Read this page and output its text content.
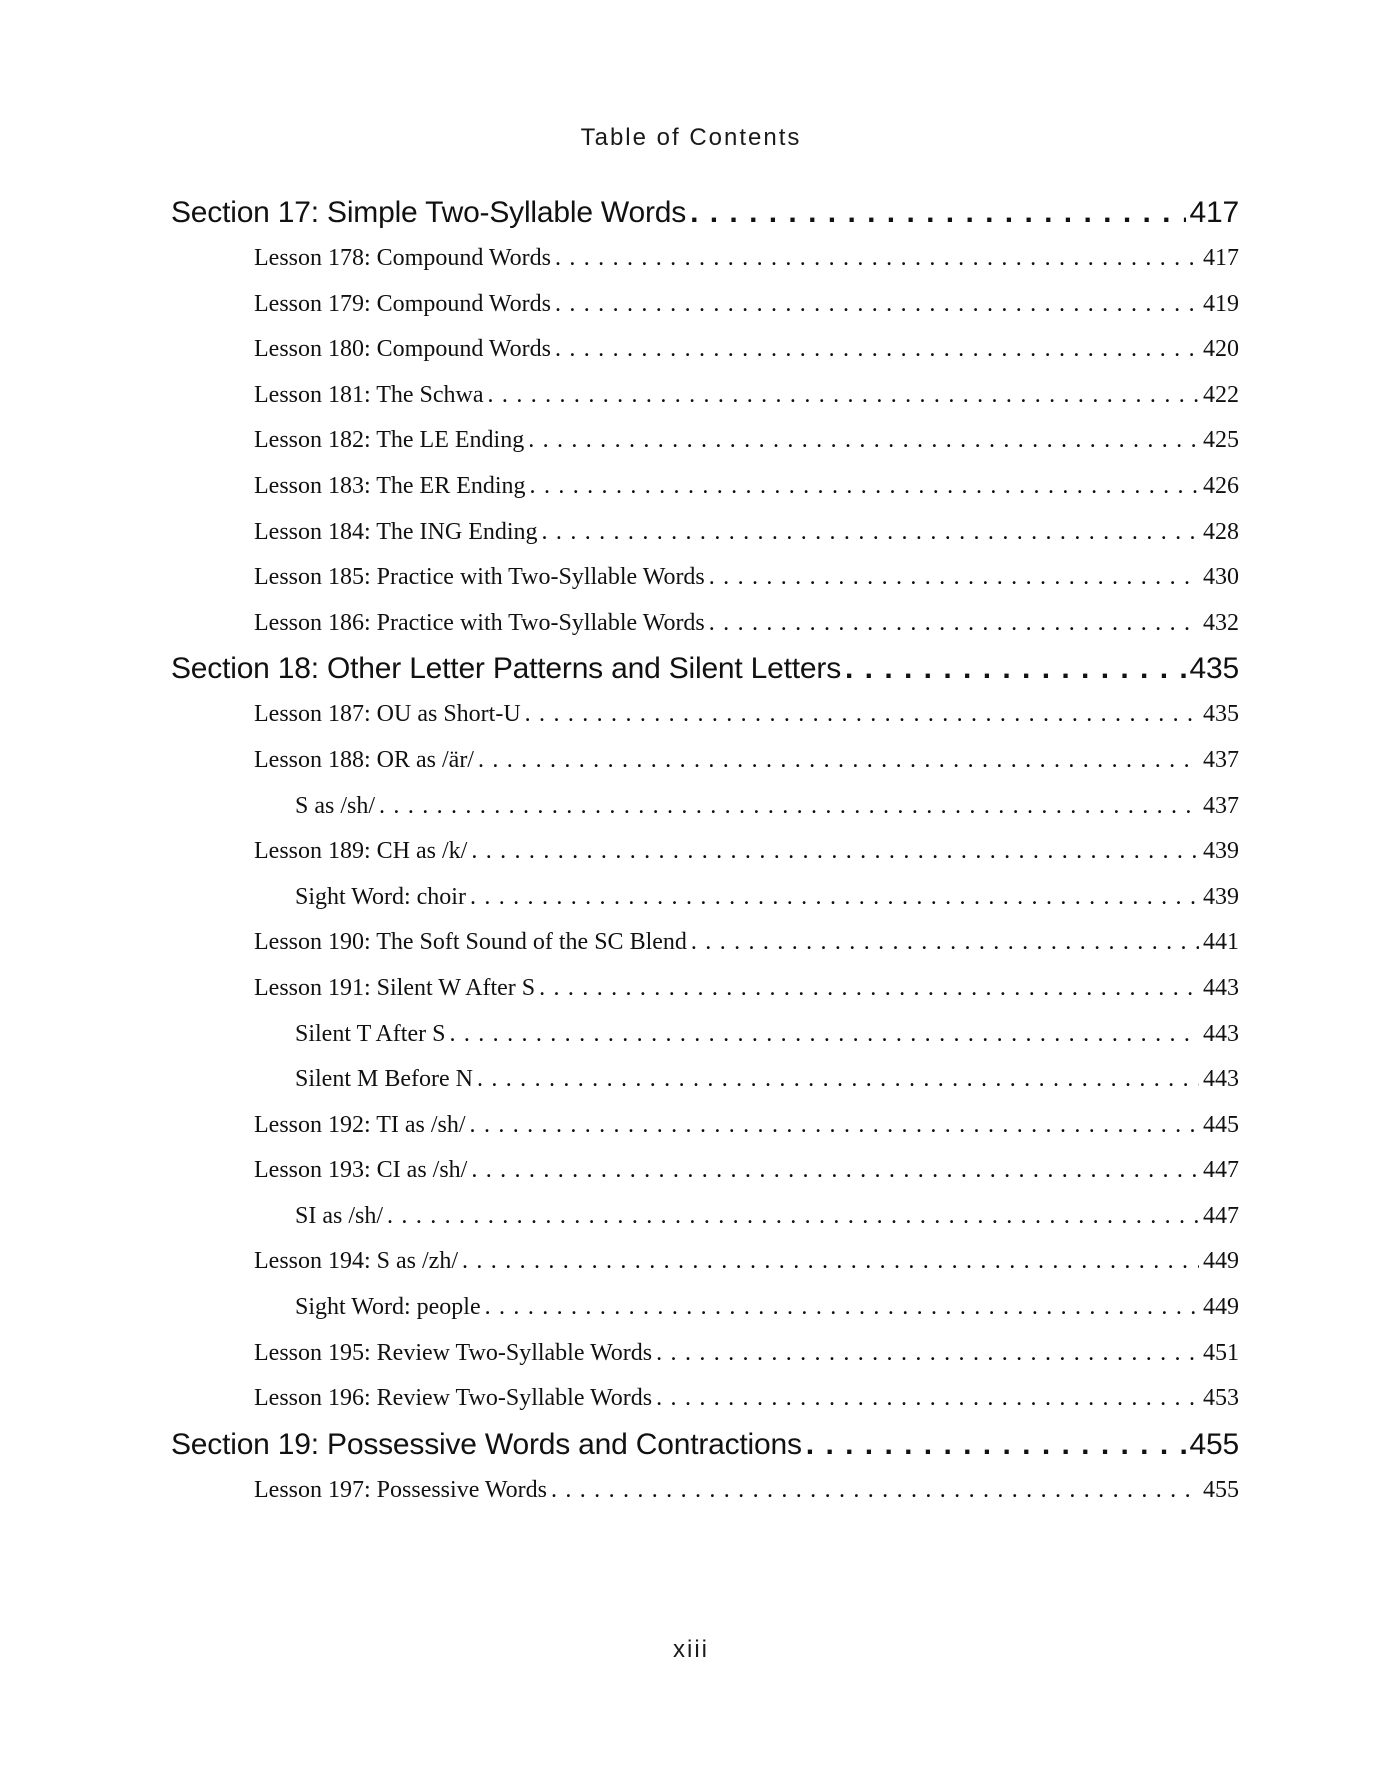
Table of Contents
Section 17: Simple Two-Syllable Words . . .	417
Lesson 178: Compound Words . . .	417
Lesson 179: Compound Words . . .	419
Lesson 180: Compound Words . . .	420
Lesson 181: The Schwa . . .	422
Lesson 182: The LE Ending . . .	425
Lesson 183: The ER Ending . . .	426
Lesson 184: The ING Ending . . .	428
Lesson 185: Practice with Two-Syllable Words . . .	430
Lesson 186: Practice with Two-Syllable Words . . .	432
Section 18: Other Letter Patterns and Silent Letters . . .	435
Lesson 187: OU as Short-U . . .	435
Lesson 188: OR as /är/ . . .	437
S as /sh/ . . .	437
Lesson 189: CH as /k/ . . .	439
Sight Word: choir . . .	439
Lesson 190: The Soft Sound of the SC Blend . . .	441
Lesson 191: Silent W After S . . .	443
Silent T After S . . .	443
Silent M Before N . . .	443
Lesson 192: TI as /sh/ . . .	445
Lesson 193: CI as /sh/ . . .	447
SI as /sh/ . . .	447
Lesson 194: S as /zh/ . . .	449
Sight Word: people . . .	449
Lesson 195: Review Two-Syllable Words . . .	451
Lesson 196: Review Two-Syllable Words . . .	453
Section 19: Possessive Words and Contractions . . .	455
Lesson 197: Possessive Words . . .	455
xiii
